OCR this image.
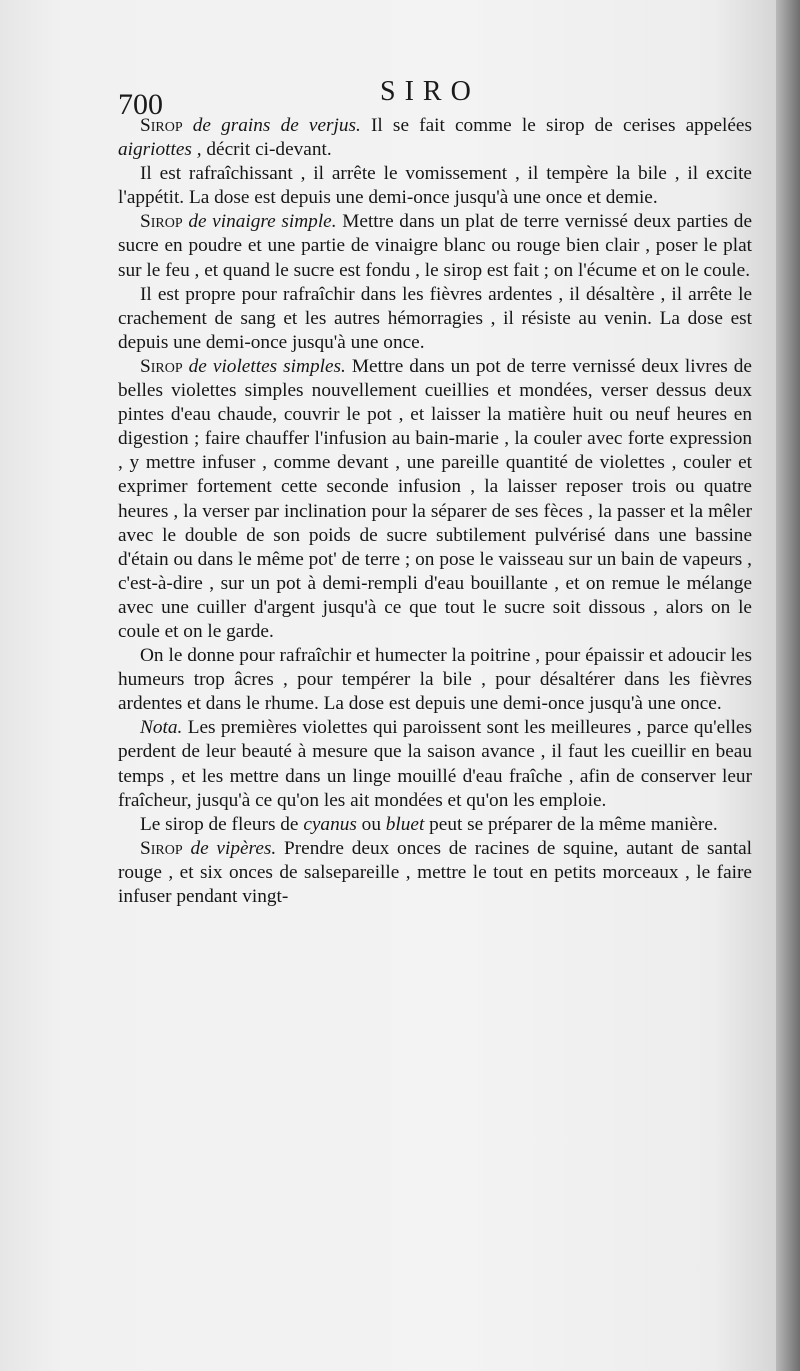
700	SIRO

Sirop de grains de verjus. Il se fait comme le sirop de cerises appelées aigriottes , décrit ci-devant.

Il est rafraîchissant , il arrête le vomissement , il tempère la bile , il excite l'appétit. La dose est depuis une demi-once jusqu'à une once et demie.

Sirop de vinaigre simple. Mettre dans un plat de terre vernissé deux parties de sucre en poudre et une partie de vinaigre blanc ou rouge bien clair , poser le plat sur le feu , et quand le sucre est fondu , le sirop est fait ; on l'écume et on le coule.

Il est propre pour rafraîchir dans les fièvres ardentes , il désaltère , il arrête le crachement de sang et les autres hémorragies , il résiste au venin. La dose est depuis une demi-once jusqu'à une once.

Sirop de violettes simples. Mettre dans un pot de terre vernissé deux livres de belles violettes simples nouvellement cueillies et mondées, verser dessus deux pintes d'eau chaude, couvrir le pot , et laisser la matière huit ou neuf heures en digestion ; faire chauffer l'infusion au bain-marie , la couler avec forte expression , y mettre infuser , comme devant , une pareille quantité de violettes , couler et exprimer fortement cette seconde infusion , la laisser reposer trois ou quatre heures , la verser par inclination pour la séparer de ses fèces , la passer et la mêler avec le double de son poids de sucre subtilement pulvérisé dans une bassine d'étain ou dans le même pot' de terre ; on pose le vaisseau sur un bain de vapeurs , c'est-à-dire , sur un pot à demi-rempli d'eau bouillante , et on remue le mélange avec une cuiller d'argent jusqu'à ce que tout le sucre soit dissous , alors on le coule et on le garde.

On le donne pour rafraîchir et humecter la poitrine , pour épaissir et adoucir les humeurs trop âcres , pour tempérer la bile , pour désaltérer dans les fièvres ardentes et dans le rhume. La dose est depuis une demi-once jusqu'à une once.

Nota. Les premières violettes qui paroissent sont les meilleures , parce qu'elles perdent de leur beauté à mesure que la saison avance , il faut les cueillir en beau temps , et les mettre dans un linge mouillé d'eau fraîche , afin de conserver leur fraîcheur, jusqu'à ce qu'on les ait mondées et qu'on les emploie.

Le sirop de fleurs de cyanus ou bluet peut se préparer de la même manière.

Sirop de vipères. Prendre deux onces de racines de squine, autant de santal rouge , et six onces de salsepareille , mettre le tout en petits morceaux , le faire infuser pendant vingt-
